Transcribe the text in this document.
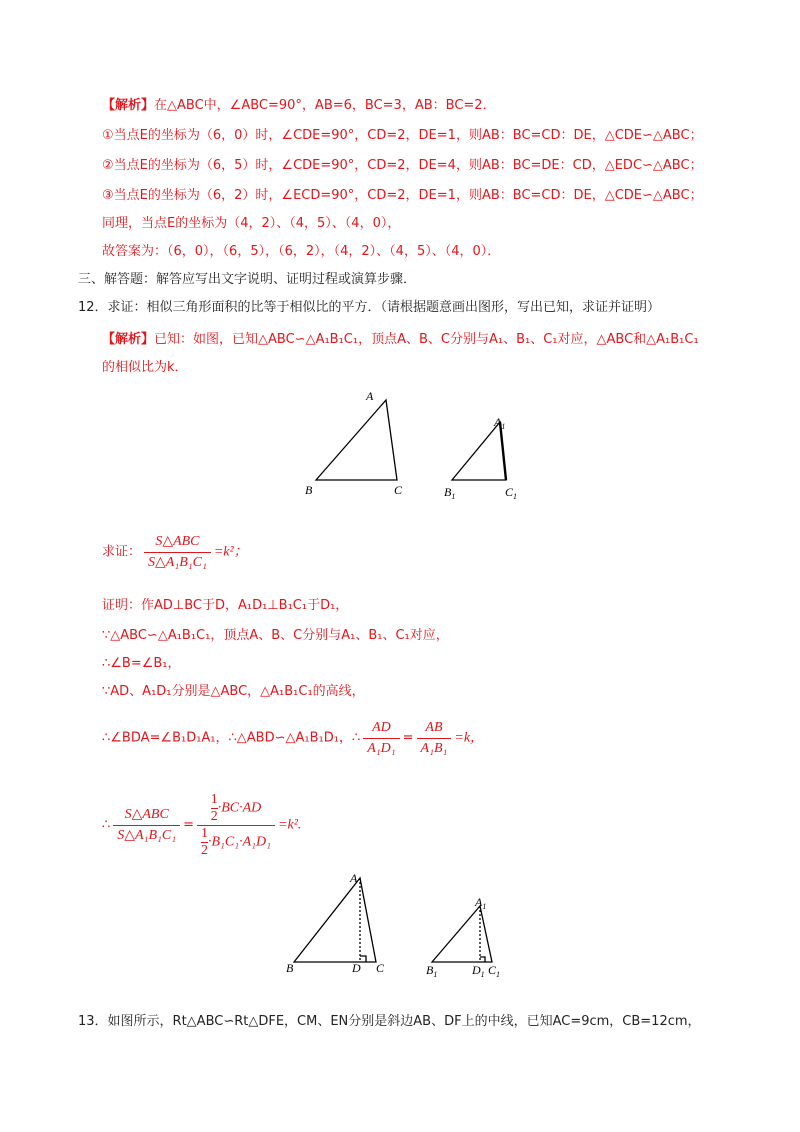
【解析】在△ABC中，∠ABC=90°，AB=6，BC=3，AB：BC=2．
①当点E的坐标为（6，0）时，∠CDE=90°，CD=2，DE=1，则AB：BC=CD：DE，△CDE∽△ABC；
②当点E的坐标为（6，5）时，∠CDE=90°，CD=2，DE=4，则AB：BC=DE：CD，△EDC∽△ABC；
③当点E的坐标为（6，2）时，∠ECD=90°，CD=2，DE=1，则AB：BC=CD：DE，△CDE∽△ABC；
同理，当点E的坐标为（4，2）、（4，5）、（4，0），
故答案为：（6，0），（6，5），（6，2），（4，2）、（4，5）、（4，0）．
三、解答题：解答应写出文字说明、证明过程或演算步骤．
12．求证：相似三角形面积的比等于相似比的平方．（请根据题意画出图形，写出已知，求证并证明）
【解析】已知：如图，已知△ABC∽△A₁B₁C₁，顶点A、B、C分别与A₁、B₁、C₁对应，△ABC和△A₁B₁C₁
的相似比为k．
A
B	C
$A_1$
$B_1$	$C_1$
求证： $\frac{\text{S△ABC}}{\text{S△A₁B₁C₁}} =k^2$；
证明：作AD⊥BC于D，A₁D₁⊥B₁C₁于D₁，
∵△ABC∽△A₁B₁C₁，顶点A、B、C分别与A₁、B₁、C₁对应，
∴∠B=∠B₁，
∵AD、A₁D₁分别是△ABC，△A₁B₁C₁的高线，
∴∠BDA=∠B₁D₁A₁，∴△ABD∽△A₁B₁D₁，∴ $\frac{AD}{\text{A₁D₁}} = \frac{AB}{\text{A₁B₁}} =k$，
∴ $\frac{\text{S△ABC}}{\text{S△A₁B₁C₁}} = \frac{\frac{1}{2} \cdot BC\cdot AD}{\frac{1}{2} \cdot B_1C_1\cdot A_1D_1} =k^2$.
A
B	D C
$A_1$
$B_1$	$D_1$ $C_1$
13．如图所示，Rt△ABC∽Rt△DFE，CM、EN分别是斜边AB、DF上的中线，已知AC=9cm，CB=12cm，
